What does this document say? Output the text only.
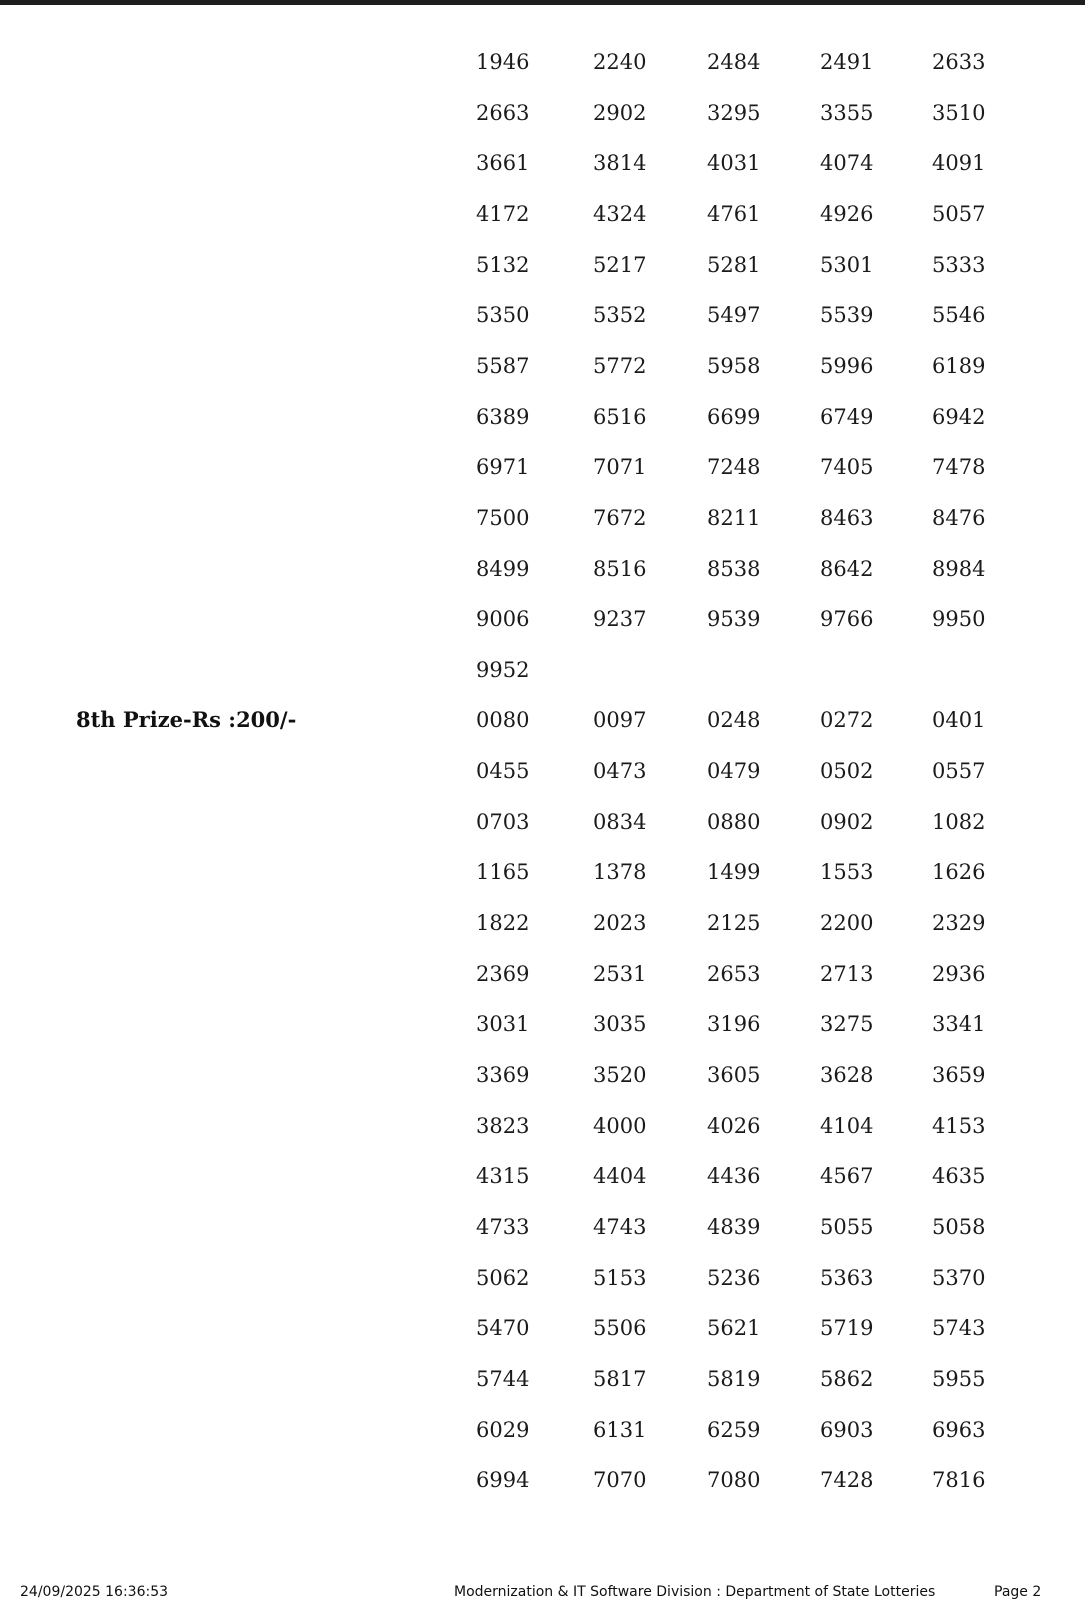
1946	2240	2484	2491	2633
2663	2902	3295	3355	3510
3661	3814	4031	4074	4091
4172	4324	4761	4926	5057
5132	5217	5281	5301	5333
5350	5352	5497	5539	5546
5587	5772	5958	5996	6189
6389	6516	6699	6749	6942
6971	7071	7248	7405	7478
7500	7672	8211	8463	8476
8499	8516	8538	8642	8984
9006	9237	9539	9766	9950
9952
8th Prize-Rs :200/-	0080	0097	0248	0272	0401
0455	0473	0479	0502	0557
0703	0834	0880	0902	1082
1165	1378	1499	1553	1626
1822	2023	2125	2200	2329
2369	2531	2653	2713	2936
3031	3035	3196	3275	3341
3369	3520	3605	3628	3659
3823	4000	4026	4104	4153
4315	4404	4436	4567	4635
4733	4743	4839	5055	5058
5062	5153	5236	5363	5370
5470	5506	5621	5719	5743
5744	5817	5819	5862	5955
6029	6131	6259	6903	6963
6994	7070	7080	7428	7816
24/09/2025 16:36:53	Modernization & IT Software Division : Department of State Lotteries	Page 2
